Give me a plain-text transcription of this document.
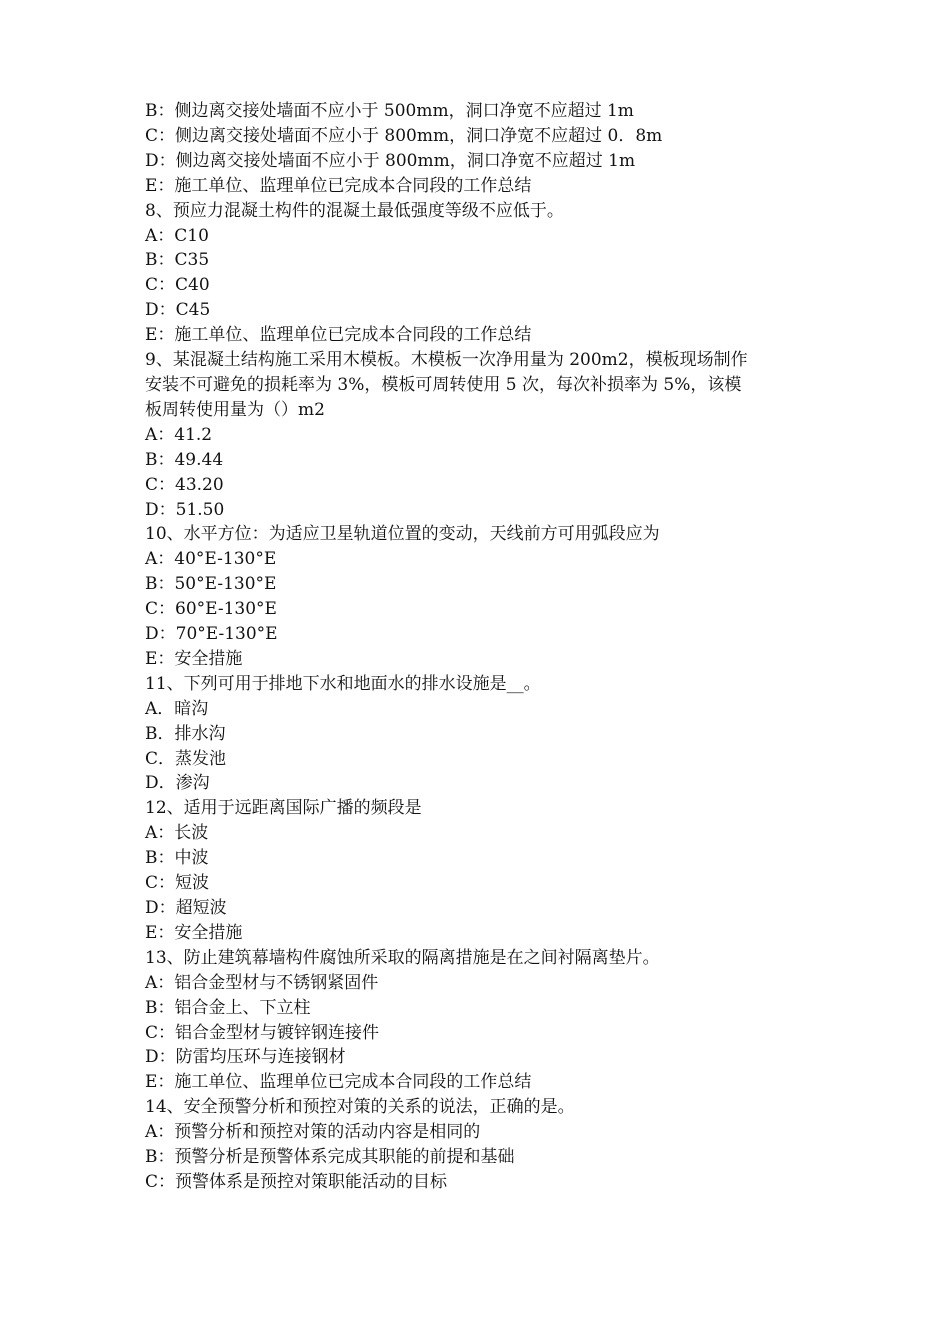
B：侧边离交接处墙面不应小于 500mm，洞口净宽不应超过 1m
C：侧边离交接处墙面不应小于 800mm，洞口净宽不应超过 0．8m
D：侧边离交接处墙面不应小于 800mm，洞口净宽不应超过 1m
E：施工单位、监理单位已完成本合同段的工作总结
8、预应力混凝土构件的混凝土最低强度等级不应低于。
A：C10
B：C35
C：C40
D：C45
E：施工单位、监理单位已完成本合同段的工作总结
9、某混凝土结构施工采用木模板。木模板一次净用量为 200m2，模板现场制作
安装不可避免的损耗率为 3%，模板可周转使用 5 次，每次补损率为 5%，该模
板周转使用量为（）m2
A：41.2
B：49.44
C：43.20
D：51.50
10、水平方位：为适应卫星轨道位置的变动，天线前方可用弧段应为
A：40°E-130°E
B：50°E-130°E
C：60°E-130°E
D：70°E-130°E
E：安全措施
11、下列可用于排地下水和地面水的排水设施是__。
A．暗沟
B．排水沟
C．蒸发池
D．渗沟
12、适用于远距离国际广播的频段是
A：长波
B：中波
C：短波
D：超短波
E：安全措施
13、防止建筑幕墙构件腐蚀所采取的隔离措施是在之间衬隔离垫片。
A：铝合金型材与不锈钢紧固件
B：铝合金上、下立柱
C：铝合金型材与镀锌钢连接件
D：防雷均压环与连接钢材
E：施工单位、监理单位已完成本合同段的工作总结
14、安全预警分析和预控对策的关系的说法，正确的是。
A：预警分析和预控对策的活动内容是相同的
B：预警分析是预警体系完成其职能的前提和基础
C：预警体系是预控对策职能活动的目标
